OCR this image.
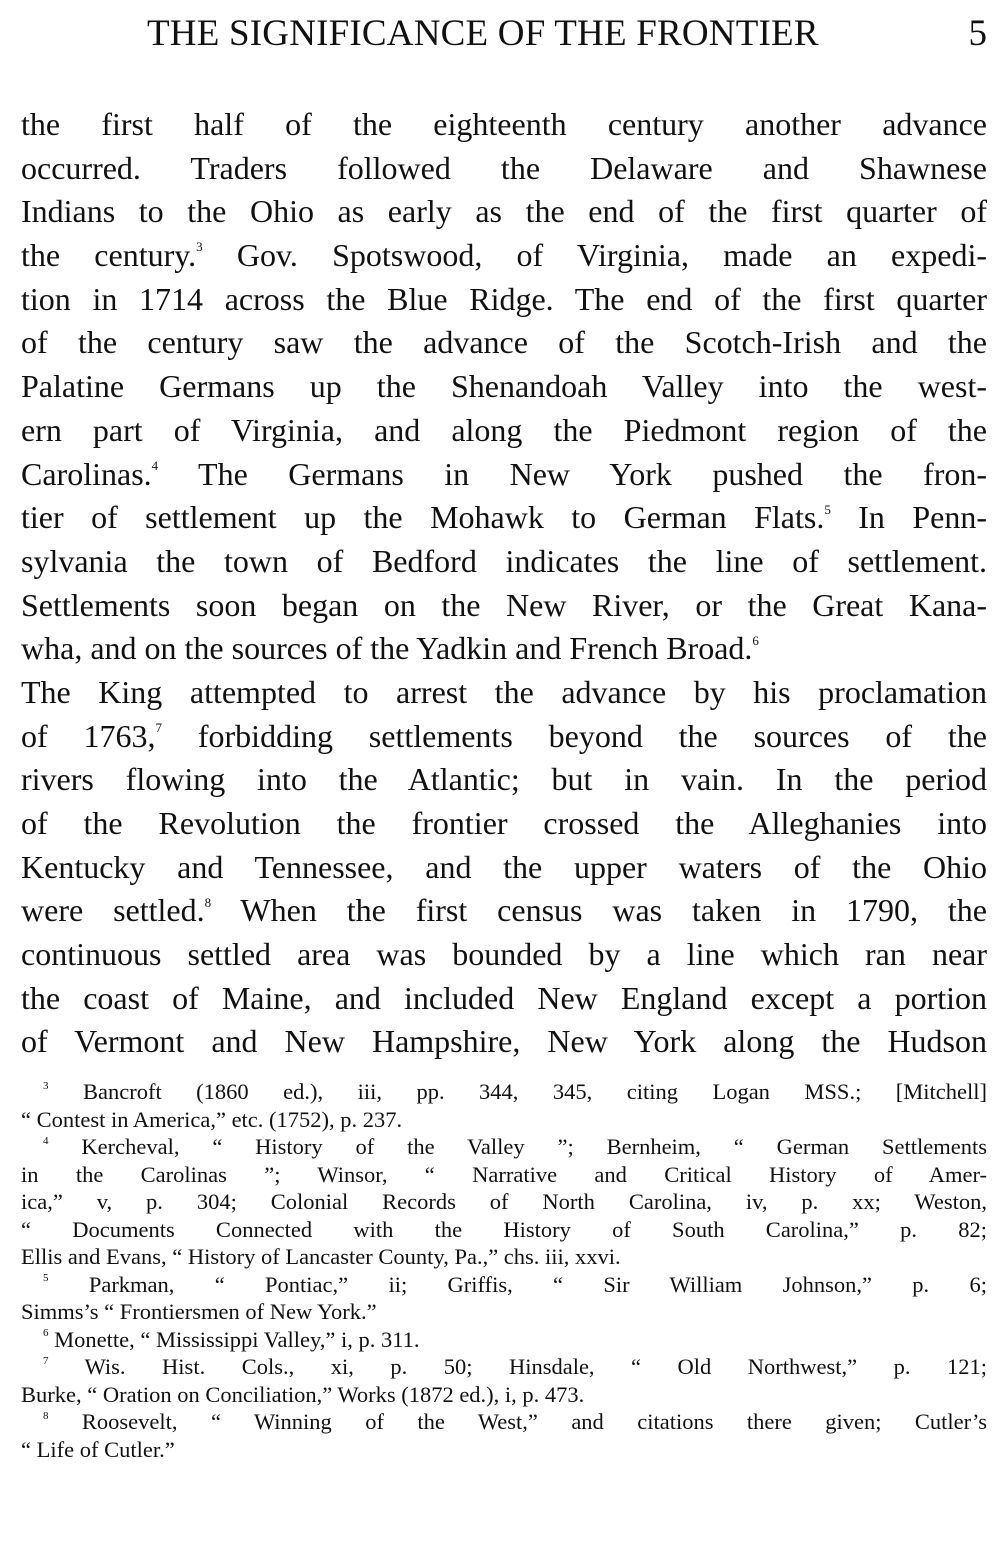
THE SIGNIFICANCE OF THE FRONTIER	5
the first half of the eighteenth century another advance
occurred. Traders followed the Delaware and Shawnese
Indians to the Ohio as early as the end of the first quarter of
the century.$^3$ Gov. Spotswood, of Virginia, made an expedi-
tion in 1714 across the Blue Ridge. The end of the first quarter
of the century saw the advance of the Scotch-Irish and the
Palatine Germans up the Shenandoah Valley into the west-
ern part of Virginia, and along the Piedmont region of the
Carolinas.$^4$ The Germans in New York pushed the fron-
tier of settlement up the Mohawk to German Flats.$^5$ In Penn-
sylvania the town of Bedford indicates the line of settlement.
Settlements soon began on the New River, or the Great Kana-
wha, and on the sources of the Yadkin and French Broad.$^6$
The King attempted to arrest the advance by his proclamation
of 1763,$^7$ forbidding settlements beyond the sources of the
rivers flowing into the Atlantic; but in vain. In the period
of the Revolution the frontier crossed the Alleghanies into
Kentucky and Tennessee, and the upper waters of the Ohio
were settled.$^8$ When the first census was taken in 1790, the
continuous settled area was bounded by a line which ran near
the coast of Maine, and included New England except a portion
of Vermont and New Hampshire, New York along the Hudson
$^3$ Bancroft (1860 ed.), iii, pp. 344, 345, citing Logan MSS.; [Mitchell]
“ Contest in America,” etc. (1752), p. 237.
$^4$ Kercheval, “ History of the Valley ”; Bernheim, “ German Settlements
in the Carolinas ”; Winsor, “ Narrative and Critical History of Amer-
ica,” v, p. 304; Colonial Records of North Carolina, iv, p. xx; Weston,
“ Documents Connected with the History of South Carolina,” p. 82;
Ellis and Evans, “ History of Lancaster County, Pa.,” chs. iii, xxvi.
$^5$ Parkman, “ Pontiac,” ii; Griffis, “ Sir William Johnson,” p. 6;
Simms’s “ Frontiersmen of New York.”
$^6$ Monette, “ Mississippi Valley,” i, p. 311.
$^7$ Wis. Hist. Cols., xi, p. 50; Hinsdale, “ Old Northwest,” p. 121;
Burke, “ Oration on Conciliation,” Works (1872 ed.), i, p. 473.
$^8$ Roosevelt, “ Winning of the West,” and citations there given; Cutler’s
“ Life of Cutler.”
